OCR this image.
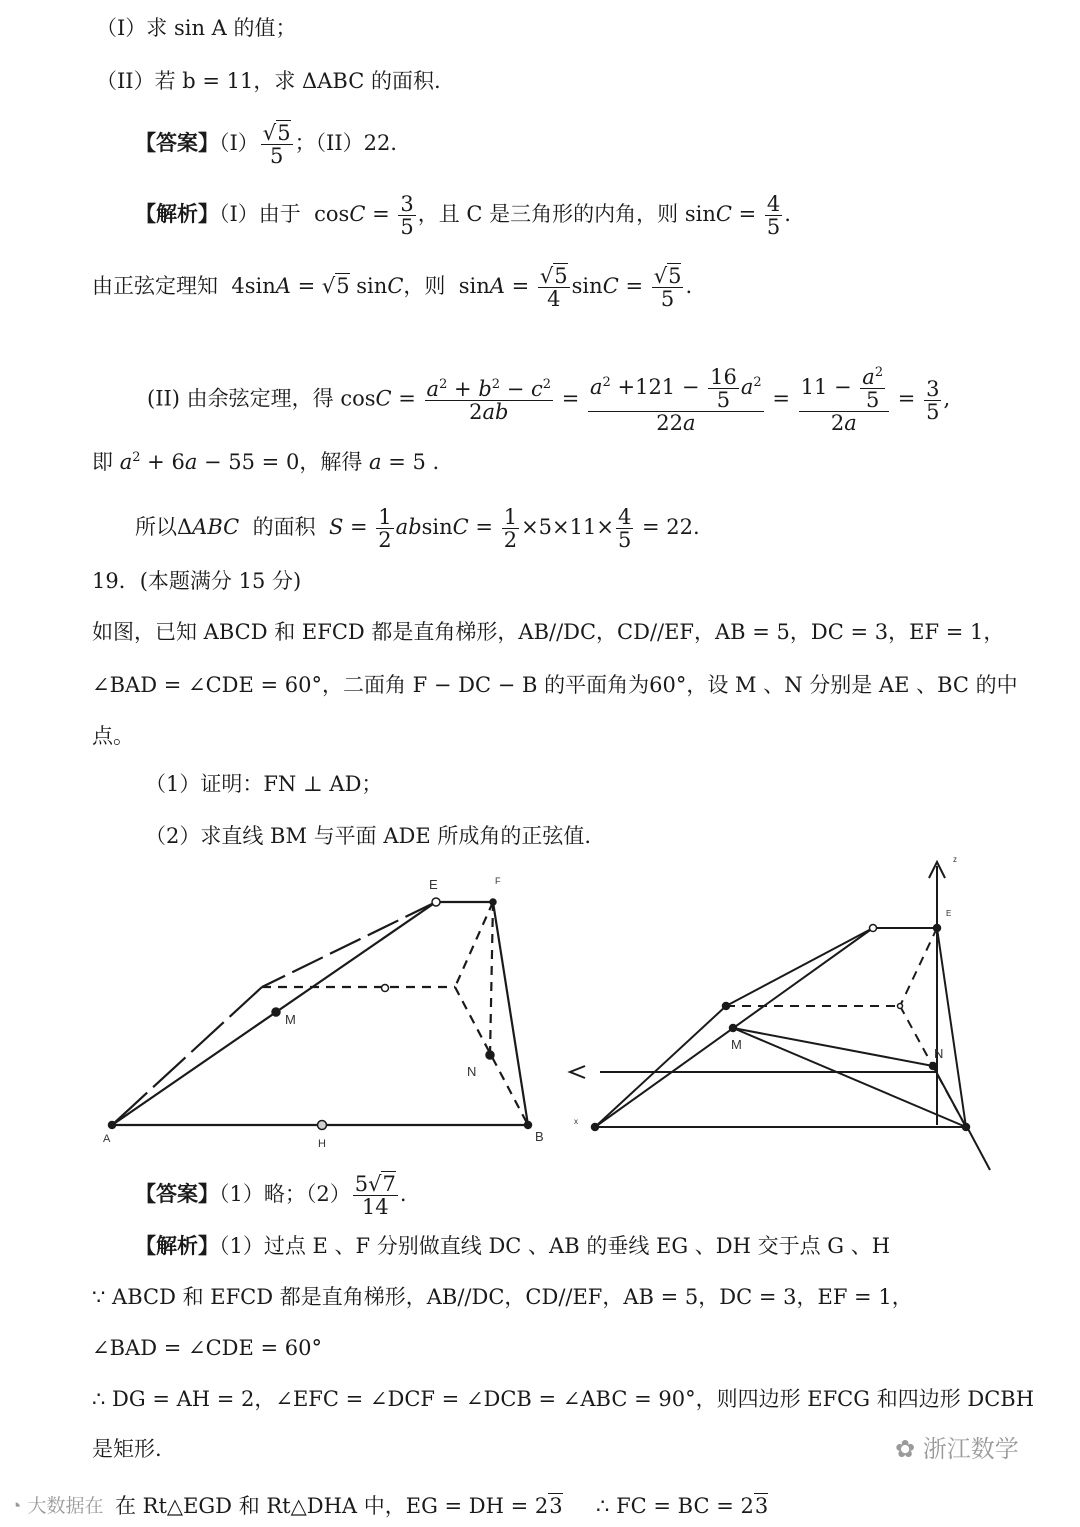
（I）求 sin A 的值；
（II）若 b = 11，求 ΔABC 的面积.
【答案】$(I) \frac{√5}{5}$ ；（II）22．
【解析】（I）由于  $\cos C = \frac{3}{5}$ ，且 C 是三角形的内角，则 $\sin C = \frac{4}{5}$ .
由正弦定理知  4sinA = √5 sinC，则  $\sin A = \frac{√5}{4}$ $\sin C = \frac{√5}{5}$ .
(II) 由余弦定理，得 $\cos C = \frac{a^2 + b^2 - c^2}{2ab} = \frac{a^2 +121 - \frac{16}{5} a^2}{22a} = \frac{11 - \frac{a^2}{5}}{2a} = \frac{3}{5}$ ,
即 $a^2 + 6a - 55 = 0$，解得 a = 5 .
所以ΔABC 的面积 $S = \frac{1}{2}$ $absinC = \frac{1}{2} \times 5\times 11\times \frac{4}{5} = 22$.
19．(本题满分 15 分)
如图，已知 ABCD 和 EFCD 都是直角梯形，AB//DC，CD//EF，AB = 5，DC = 3，EF = 1，
∠BAD = ∠CDE = 60°，二面角 F − DC − B 的平面角为60°，设 M 、N 分别是 AE 、BC 的中
点。
（1）证明：FN ⊥ AD；
（2）求直线 BM 与平面 ADE 所成角的正弦值.
E	F
M
N
A	H	B
M
N
z
E
x
【答案】（1）略；$(2) \frac{5√7}{14}$ .
【解析】（1）过点 E 、F 分别做直线 DC 、AB 的垂线 EG 、DH 交于点 G 、H
∵ ABCD 和 EFCD 都是直角梯形，AB//DC，CD//EF，AB = 5，DC = 3，EF = 1，
∠BAD = ∠CDE = 60°
∴ DG = AH = 2，∠EFC = ∠DCF = ∠DCB = ∠ABC = 90°，则四边形 EFCG 和四边形 DCBH
是矩形.
◔ 大数据在 在 Rt△EGD 和 Rt△DHA 中，EG = DH = 23 ∴ FC = BC = 23
✿ 浙江数学
